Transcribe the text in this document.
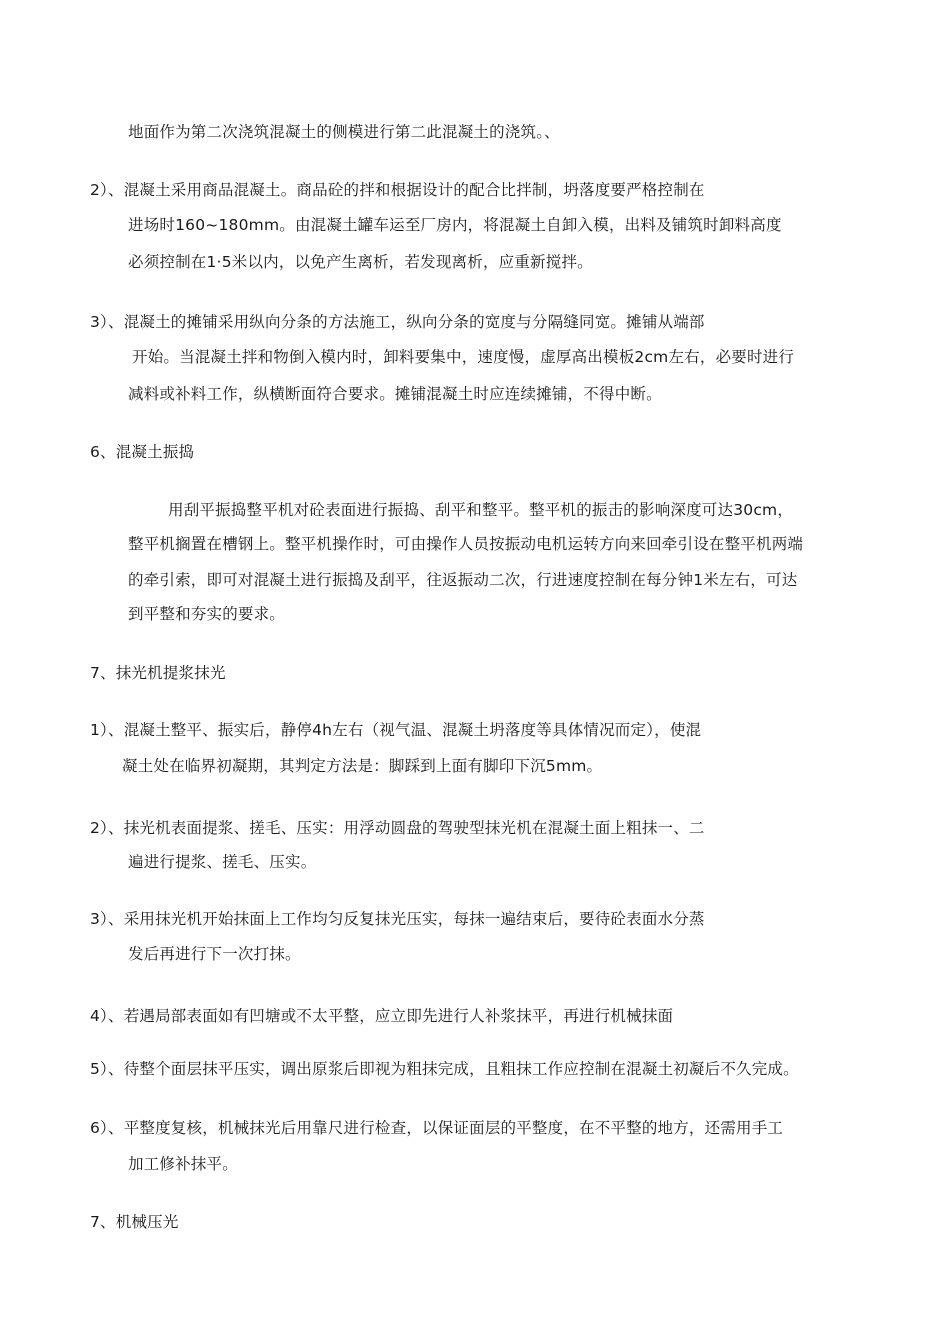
地面作为第二次浇筑混凝土的侧模进行第二此混凝土的浇筑。、
2）、混凝土采用商品混凝土。商品砼的拌和根据设计的配合比拌制，坍落度要严格控制在
进场时160~180mm。由混凝土罐车运至厂房内，将混凝土自卸入模，出料及铺筑时卸料高度
必须控制在1·5米以内，以免产生离析，若发现离析，应重新搅拌。
3）、混凝土的摊铺采用纵向分条的方法施工，纵向分条的宽度与分隔缝同宽。摊铺从端部
开始。当混凝土拌和物倒入模内时，卸料要集中，速度慢，虚厚高出模板2cm左右，必要时进行
减料或补料工作，纵横断面符合要求。摊铺混凝土时应连续摊铺，不得中断。
6、混凝土振捣
用刮平振捣整平机对砼表面进行振捣、刮平和整平。整平机的振击的影响深度可达30cm，
整平机搁置在槽钢上。整平机操作时，可由操作人员按振动电机运转方向来回牵引设在整平机两端
的牵引索，即可对混凝土进行振捣及刮平，往返振动二次，行进速度控制在每分钟1米左右，可达
到平整和夯实的要求。
7、抹光机提浆抹光
1）、混凝土整平、振实后，静停4h左右（视气温、混凝土坍落度等具体情况而定），使混
凝土处在临界初凝期，其判定方法是：脚踩到上面有脚印下沉5mm。
2）、抹光机表面提浆、搓毛、压实：用浮动圆盘的驾驶型抹光机在混凝土面上粗抹一、二
遍进行提浆、搓毛、压实。
3）、采用抹光机开始抹面上工作均匀反复抹光压实，每抹一遍结束后，要待砼表面水分蒸
发后再进行下一次打抹。
4）、若遇局部表面如有凹塘或不太平整，应立即先进行人补浆抹平，再进行机械抹面
5）、待整个面层抹平压实，调出原浆后即视为粗抹完成，且粗抹工作应控制在混凝土初凝后不久完成。
6）、平整度复核，机械抹光后用靠尺进行检查，以保证面层的平整度，在不平整的地方，还需用手工
加工修补抹平。
7、机械压光
